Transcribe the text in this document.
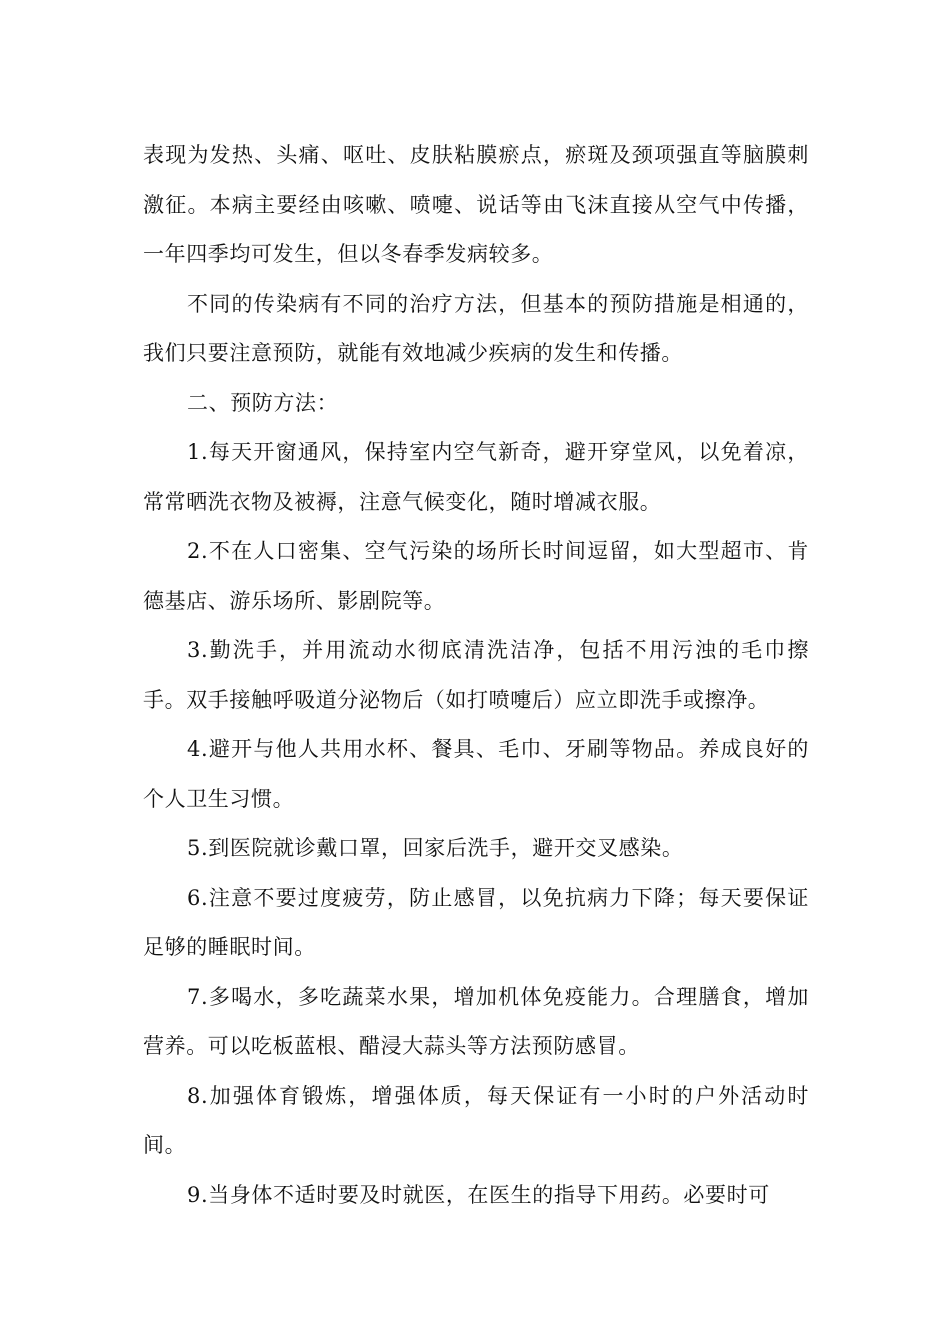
表现为发热、头痛、呕吐、皮肤粘膜瘀点，瘀斑及颈项强直等脑膜刺激征。本病主要经由咳嗽、喷嚏、说话等由飞沫直接从空气中传播，一年四季均可发生，但以冬春季发病较多。

不同的传染病有不同的治疗方法，但基本的预防措施是相通的，我们只要注意预防，就能有效地减少疾病的发生和传播。

二、预防方法：

1.每天开窗通风，保持室内空气新奇，避开穿堂风，以免着凉，常常晒洗衣物及被褥，注意气候变化，随时增减衣服。

2.不在人口密集、空气污染的场所长时间逗留，如大型超市、肯德基店、游乐场所、影剧院等。

3.勤洗手，并用流动水彻底清洗洁净，包括不用污浊的毛巾擦手。双手接触呼吸道分泌物后（如打喷嚏后）应立即洗手或擦净。

4.避开与他人共用水杯、餐具、毛巾、牙刷等物品。养成良好的个人卫生习惯。

5.到医院就诊戴口罩，回家后洗手，避开交叉感染。

6.注意不要过度疲劳，防止感冒，以免抗病力下降；每天要保证足够的睡眠时间。

7.多喝水，多吃蔬菜水果，增加机体免疫能力。合理膳食，增加营养。可以吃板蓝根、醋浸大蒜头等方法预防感冒。

8.加强体育锻炼，增强体质，每天保证有一小时的户外活动时间。

9.当身体不适时要及时就医，在医生的指导下用药。必要时可
